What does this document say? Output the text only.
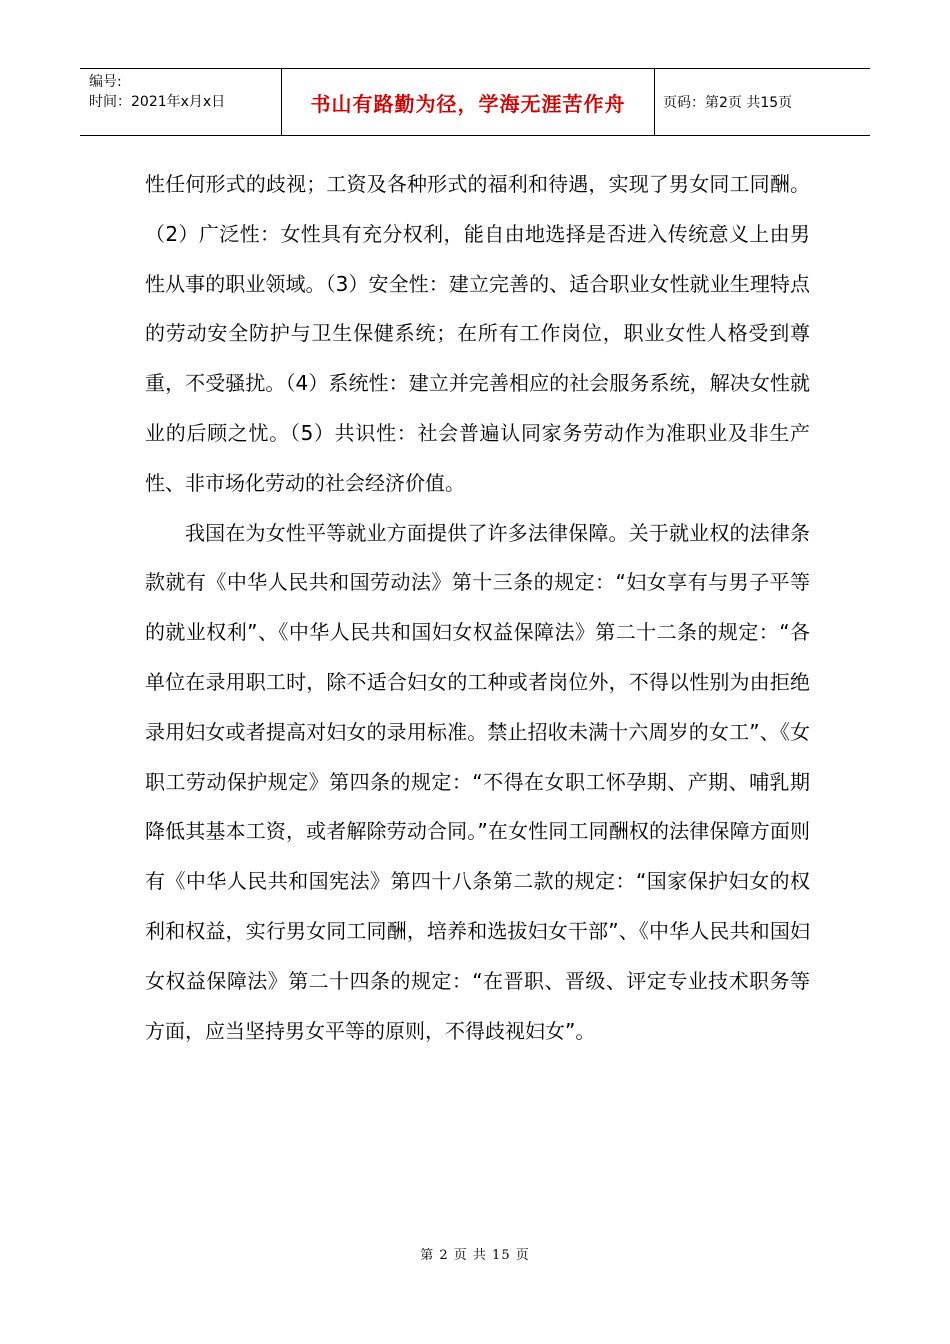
编号:
时间：2021年x月x日	书山有路勤为径，学海无涯苦作舟	页码：第2页 共15页

性任何形式的歧视；工资及各种形式的福利和待遇，实现了男女同工同酬。（2）广泛性：女性具有充分权利，能自由地选择是否进入传统意义上由男性从事的职业领域。（3）安全性：建立完善的、适合职业女性就业生理特点的劳动安全防护与卫生保健系统；在所有工作岗位，职业女性人格受到尊重，不受骚扰。（4）系统性：建立并完善相应的社会服务系统，解决女性就业的后顾之忧。（5）共识性：社会普遍认同家务劳动作为准职业及非生产性、非市场化劳动的社会经济价值。

我国在为女性平等就业方面提供了许多法律保障。关于就业权的法律条款就有《中华人民共和国劳动法》第十三条的规定：“妇女享有与男子平等的就业权利”、《中华人民共和国妇女权益保障法》第二十二条的规定：“各单位在录用职工时，除不适合妇女的工种或者岗位外，不得以性别为由拒绝录用妇女或者提高对妇女的录用标准。禁止招收未满十六周岁的女工”、《女职工劳动保护规定》第四条的规定：“不得在女职工怀孕期、产期、哺乳期降低其基本工资，或者解除劳动合同。”在女性同工同酬权的法律保障方面则有《中华人民共和国宪法》第四十八条第二款的规定：“国家保护妇女的权利和权益，实行男女同工同酬，培养和选拔妇女干部”、《中华人民共和国妇女权益保障法》第二十四条的规定：“在晋职、晋级、评定专业技术职务等方面，应当坚持男女平等的原则，不得歧视妇女”。

第 2 页 共 15 页
